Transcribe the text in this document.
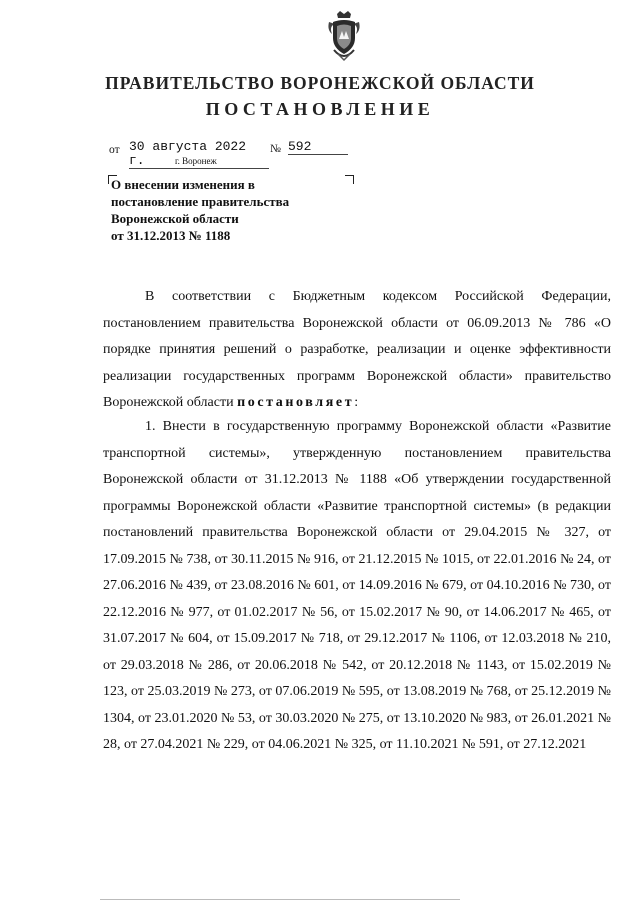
ПРАВИТЕЛЬСТВО ВОРОНЕЖСКОЙ ОБЛАСТИ
ПОСТАНОВЛЕНИЕ
от 30 августа 2022 г.
№ 592
г. Воронеж
О внесении изменения в
постановление правительства
Воронежской области
от 31.12.2013 № 1188

В соответствии с Бюджетным кодексом Российской Федерации, постановлением правительства Воронежской области от 06.09.2013 № 786 «О порядке принятия решений о разработке, реализации и оценке эффективности реализации государственных программ Воронежской области» правительство Воронежской области постановляет:

1. Внести в государственную программу Воронежской области «Развитие транспортной системы», утвержденную постановлением правительства Воронежской области от 31.12.2013 № 1188 «Об утверждении государственной программы Воронежской области «Развитие транспортной системы» (в редакции постановлений правительства Воронежской области от 29.04.2015 № 327, от 17.09.2015 № 738, от 30.11.2015 № 916, от 21.12.2015 № 1015, от 22.01.2016 № 24, от 27.06.2016 № 439, от 23.08.2016 № 601, от 14.09.2016 № 679, от 04.10.2016 № 730, от 22.12.2016 № 977, от 01.02.2017 № 56, от 15.02.2017 № 90, от 14.06.2017 № 465, от 31.07.2017 № 604, от 15.09.2017 № 718, от 29.12.2017 № 1106, от 12.03.2018 № 210, от 29.03.2018 № 286, от 20.06.2018 № 542, от 20.12.2018 № 1143, от 15.02.2019 № 123, от 25.03.2019 № 273, от 07.06.2019 № 595, от 13.08.2019 № 768, от 25.12.2019 № 1304, от 23.01.2020 № 53, от 30.03.2020 № 275, от 13.10.2020 № 983, от 26.01.2021 № 28, от 27.04.2021 № 229, от 04.06.2021 № 325, от 11.10.2021 № 591, от 27.12.2021
